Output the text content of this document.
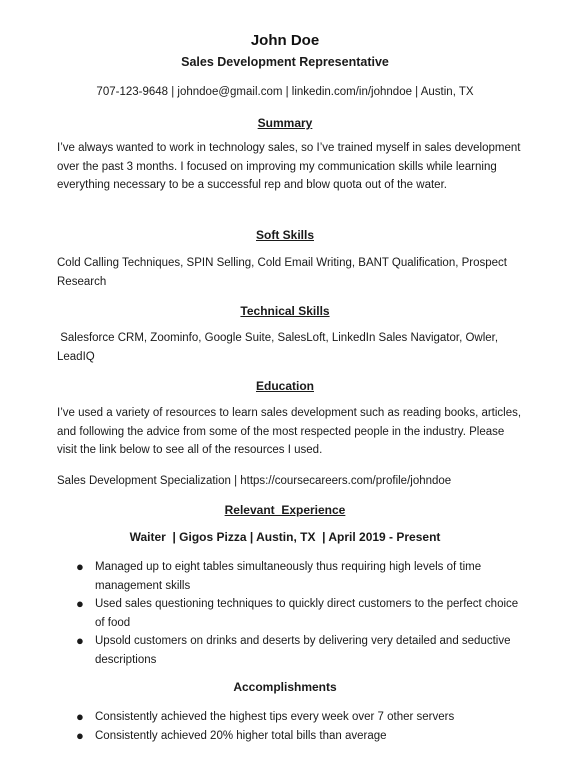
John Doe
Sales Development Representative
707-123-9648 | johndoe@gmail.com | linkedin.com/in/johndoe | Austin, TX
Summary
I’ve always wanted to work in technology sales, so I’ve trained myself in sales development over the past 3 months. I focused on improving my communication skills while learning everything necessary to be a successful rep and blow quota out of the water.
Soft Skills
Cold Calling Techniques, SPIN Selling, Cold Email Writing, BANT Qualification, Prospect Research
Technical Skills
Salesforce CRM, Zoominfo, Google Suite, SalesLoft, LinkedIn Sales Navigator, Owler, LeadIQ
Education
I’ve used a variety of resources to learn sales development such as reading books, articles, and following the advice from some of the most respected people in the industry. Please visit the link below to see all of the resources I used.
Sales Development Specialization | https://coursecareers.com/profile/johndoe
Relevant  Experience
Waiter  | Gigos Pizza | Austin, TX  | April 2019 - Present
● Managed up to eight tables simultaneously thus requiring high levels of time management skills
● Used sales questioning techniques to quickly direct customers to the perfect choice of food
● Upsold customers on drinks and deserts by delivering very detailed and seductive descriptions
Accomplishments
● Consistently achieved the highest tips every week over 7 other servers
● Consistently achieved 20% higher total bills than average
